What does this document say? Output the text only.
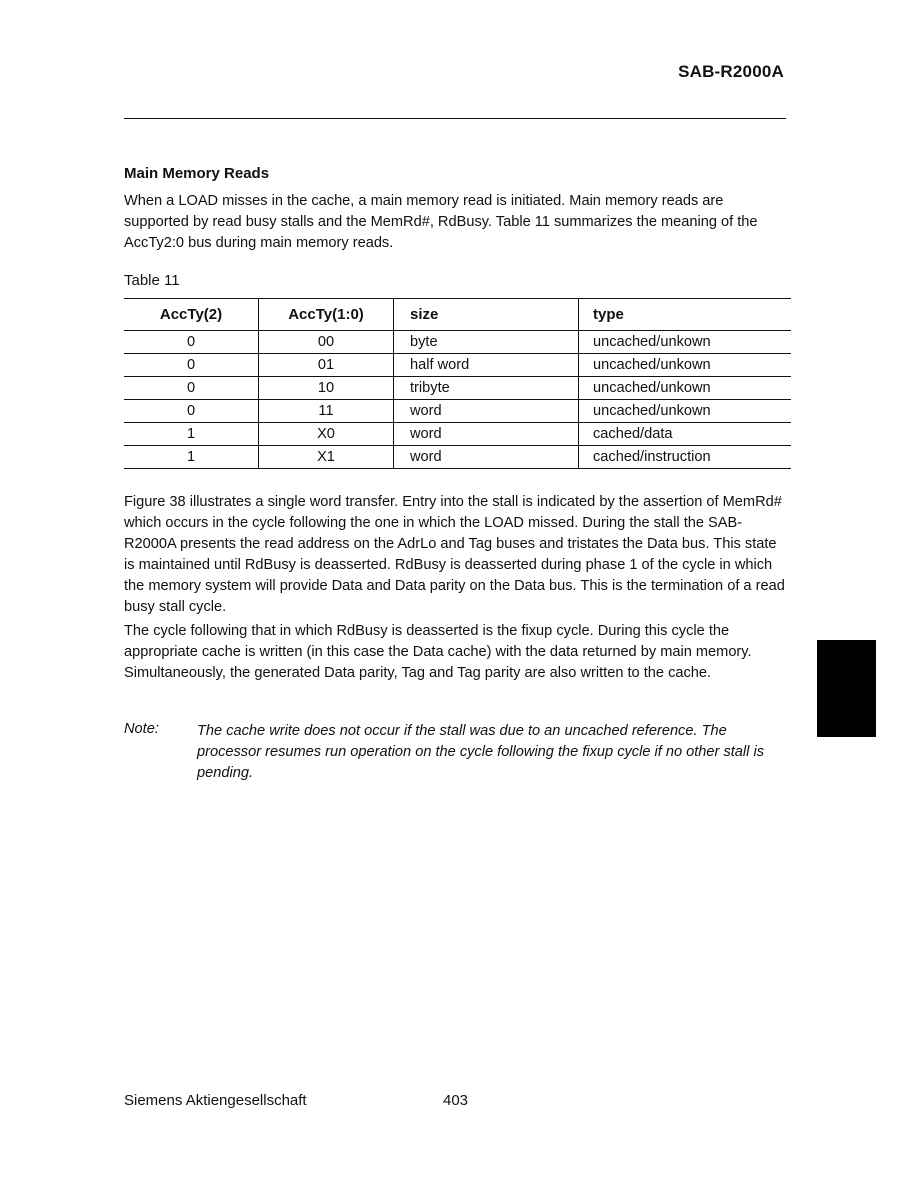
SAB-R2000A
Main Memory Reads

When a LOAD misses in the cache, a main memory read is initiated. Main memory reads are supported by read busy stalls and the MemRd#, RdBusy. Table 11 summarizes the meaning of the AccTy2:0 bus during main memory reads.

Table 11
AccTy(2)	AccTy(1:0)	size	type
0	00	byte	uncached/unkown
0	01	half word	uncached/unkown
0	10	tribyte	uncached/unkown
0	11	word	uncached/unkown
1	X0	word	cached/data
1	X1	word	cached/instruction

Figure 38 illustrates a single word transfer. Entry into the stall is indicated by the assertion of MemRd# which occurs in the cycle following the one in which the LOAD missed. During the stall the SAB-R2000A presents the read address on the AdrLo and Tag buses and tristates the Data bus. This state is maintained until RdBusy is deasserted. RdBusy is deasserted during phase 1 of the cycle in which the memory system will provide Data and Data parity on the Data bus. This is the termination of a read busy stall cycle.

The cycle following that in which RdBusy is deasserted is the fixup cycle. During this cycle the appropriate cache is written (in this case the Data cache) with the data returned by main memory. Simultaneously, the generated Data parity, Tag and Tag parity are also written to the cache.

Note:	The cache write does not occur if the stall was due to an uncached reference. The processor resumes run operation on the cycle following the fixup cycle if no other stall is pending.

Siemens Aktiengesellschaft	403
